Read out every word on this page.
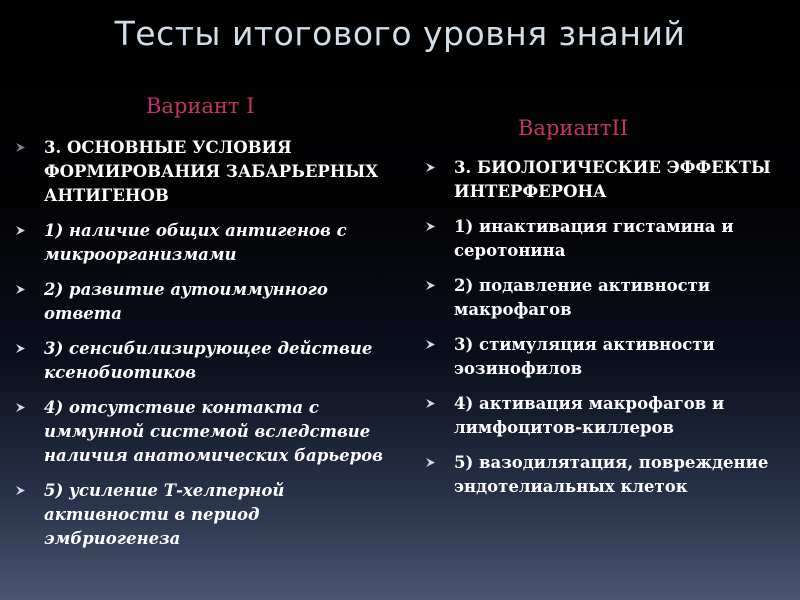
Тесты итогового уровня знаний
Вариант I
3. ОСНОВНЫЕ УСЛОВИЯ ФОРМИРОВАНИЯ ЗАБАРЬЕРНЫХ АНТИГЕНОВ
1) наличие общих антигенов с микроорганизмами
2) развитие аутоиммунного ответа
3) сенсибилизирующее действие ксенобиотиков
4) отсутствие контакта с иммунной системой вследствие наличия анатомических барьеров
5) усиление Т-хелперной активности в период эмбриогенеза
ВариантII
3. БИОЛОГИЧЕСКИЕ ЭФФЕКТЫ ИНТЕРФЕРОНА
1) инактивация гистамина и серотонина
2) подавление активности макрофагов
3) стимуляция активности эозинофилов
4) активация макрофагов и лимфоцитов-киллеров
5) вазодилятация, повреждение эндотелиальных клеток
